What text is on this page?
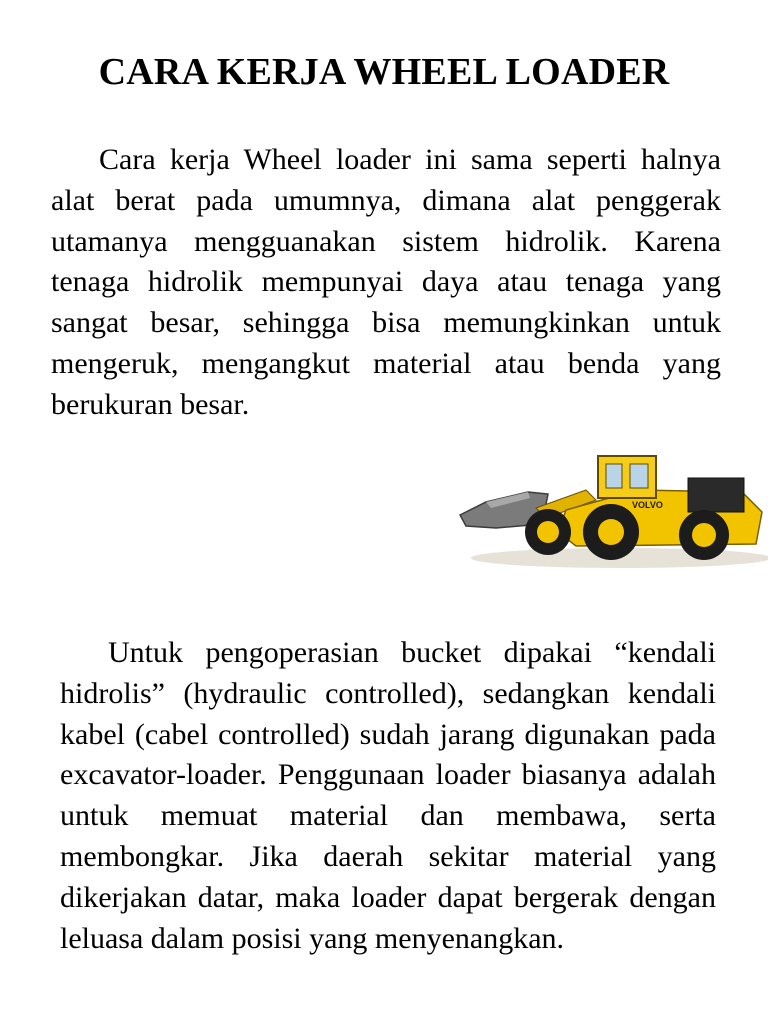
CARA KERJA WHEEL LOADER

Cara kerja Wheel loader ini sama seperti halnya alat berat pada umumnya, dimana alat penggerak utamanya mengguanakan sistem hidrolik. Karena tenaga hidrolik mempunyai daya atau tenaga yang sangat besar, sehingga bisa memungkinkan untuk mengeruk, mengangkut material atau benda yang berukuran besar.

VOLVO

Untuk pengoperasian bucket dipakai “kendali hidrolis” (hydraulic controlled), sedangkan kendali kabel (cabel controlled) sudah jarang digunakan pada excavator-loader. Penggunaan loader biasanya adalah untuk memuat material dan membawa, serta membongkar. Jika daerah sekitar material yang dikerjakan datar, maka loader dapat bergerak dengan leluasa dalam posisi yang menyenangkan.
